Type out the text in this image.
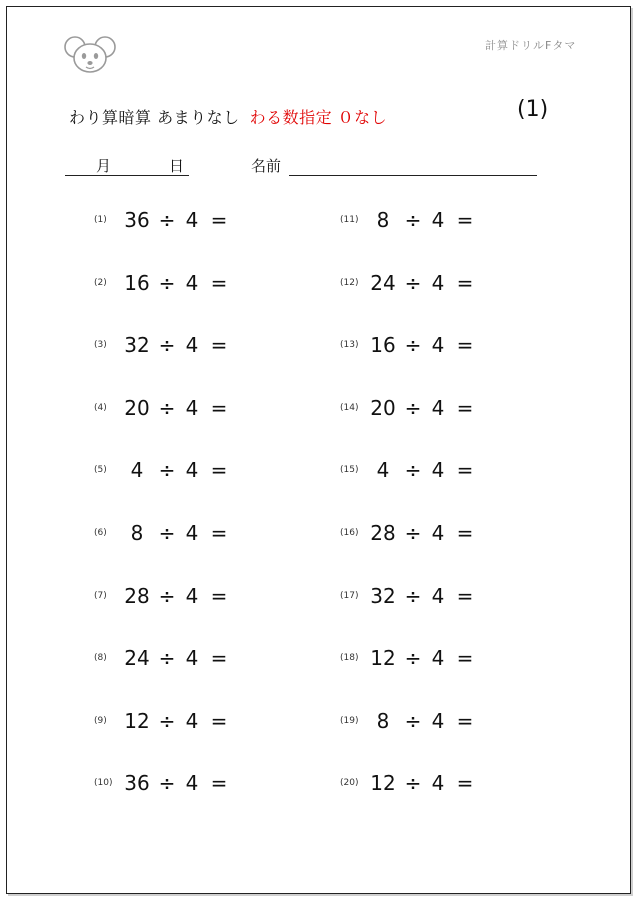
計算ドリルFタマ
わり算暗算 あまりなし わる数指定 ０なし	(1)
月	日	名前
(1) 36 ÷ 4 =
(2) 16 ÷ 4 =
(3) 32 ÷ 4 =
(4) 20 ÷ 4 =
(5)	4 ÷ 4 =
(6)	8 ÷ 4 =
(7) 28 ÷ 4 =
(8) 24 ÷ 4 =
(9) 12 ÷ 4 =
(10) 36 ÷ 4 =
(11) 8 ÷ 4 =
(12) 24 ÷ 4 =
(13) 16 ÷ 4 =
(14) 20 ÷ 4 =
(15) 4 ÷ 4 =
(16) 28 ÷ 4 =
(17) 32 ÷ 4 =
(18) 12 ÷ 4 =
(19) 8 ÷ 4 =
(20) 12 ÷ 4 =
